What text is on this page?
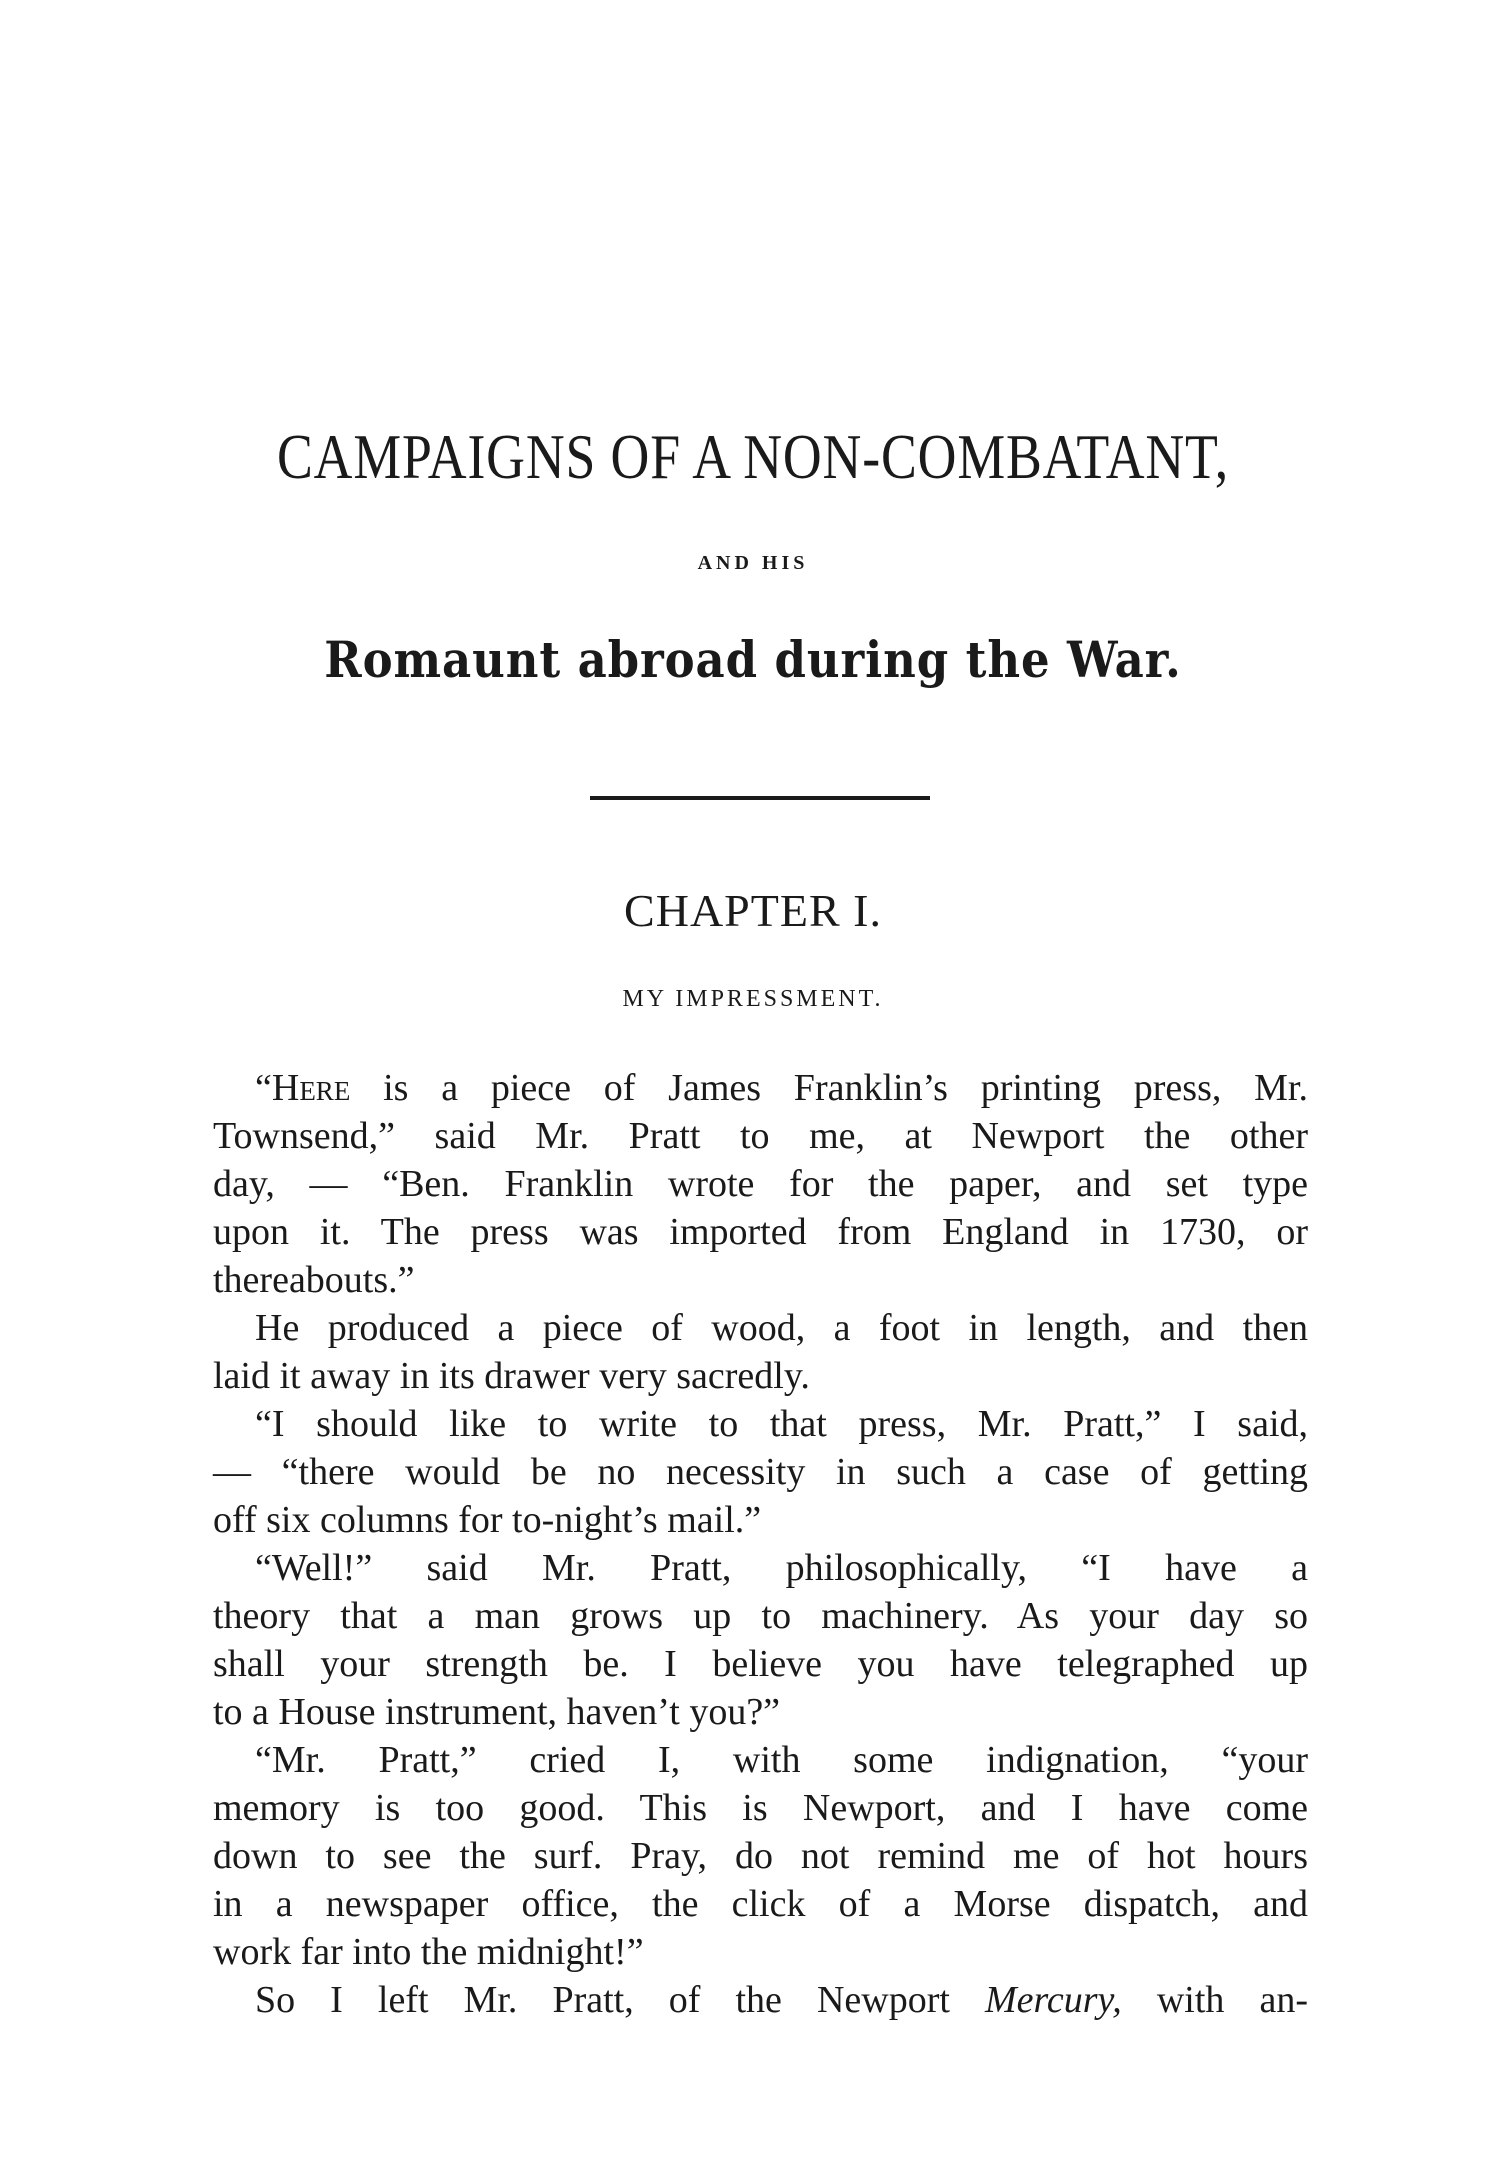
CAMPAIGNS OF A NON-COMBATANT,
AND HIS
Romaunt abroad during the War.
CHAPTER I.
MY IMPRESSMENT.
“Here is a piece of James Franklin’s printing press, Mr.
Townsend,” said Mr. Pratt to me, at Newport the other
day, — “Ben. Franklin wrote for the paper, and set type
upon it. The press was imported from England in 1730, or
thereabouts.”
He produced a piece of wood, a foot in length, and then
laid it away in its drawer very sacredly.
“I should like to write to that press, Mr. Pratt,” I said,
— “there would be no necessity in such a case of getting
off six columns for to-night’s mail.”
“Well!” said Mr. Pratt, philosophically, “I have a
theory that a man grows up to machinery. As your day so
shall your strength be. I believe you have telegraphed up
to a House instrument, haven’t you?”
“Mr. Pratt,” cried I, with some indignation, “your
memory is too good. This is Newport, and I have come
down to see the surf. Pray, do not remind me of hot hours
in a newspaper office, the click of a Morse dispatch, and
work far into the midnight!”
So I left Mr. Pratt, of the Newport Mercury, with an-
